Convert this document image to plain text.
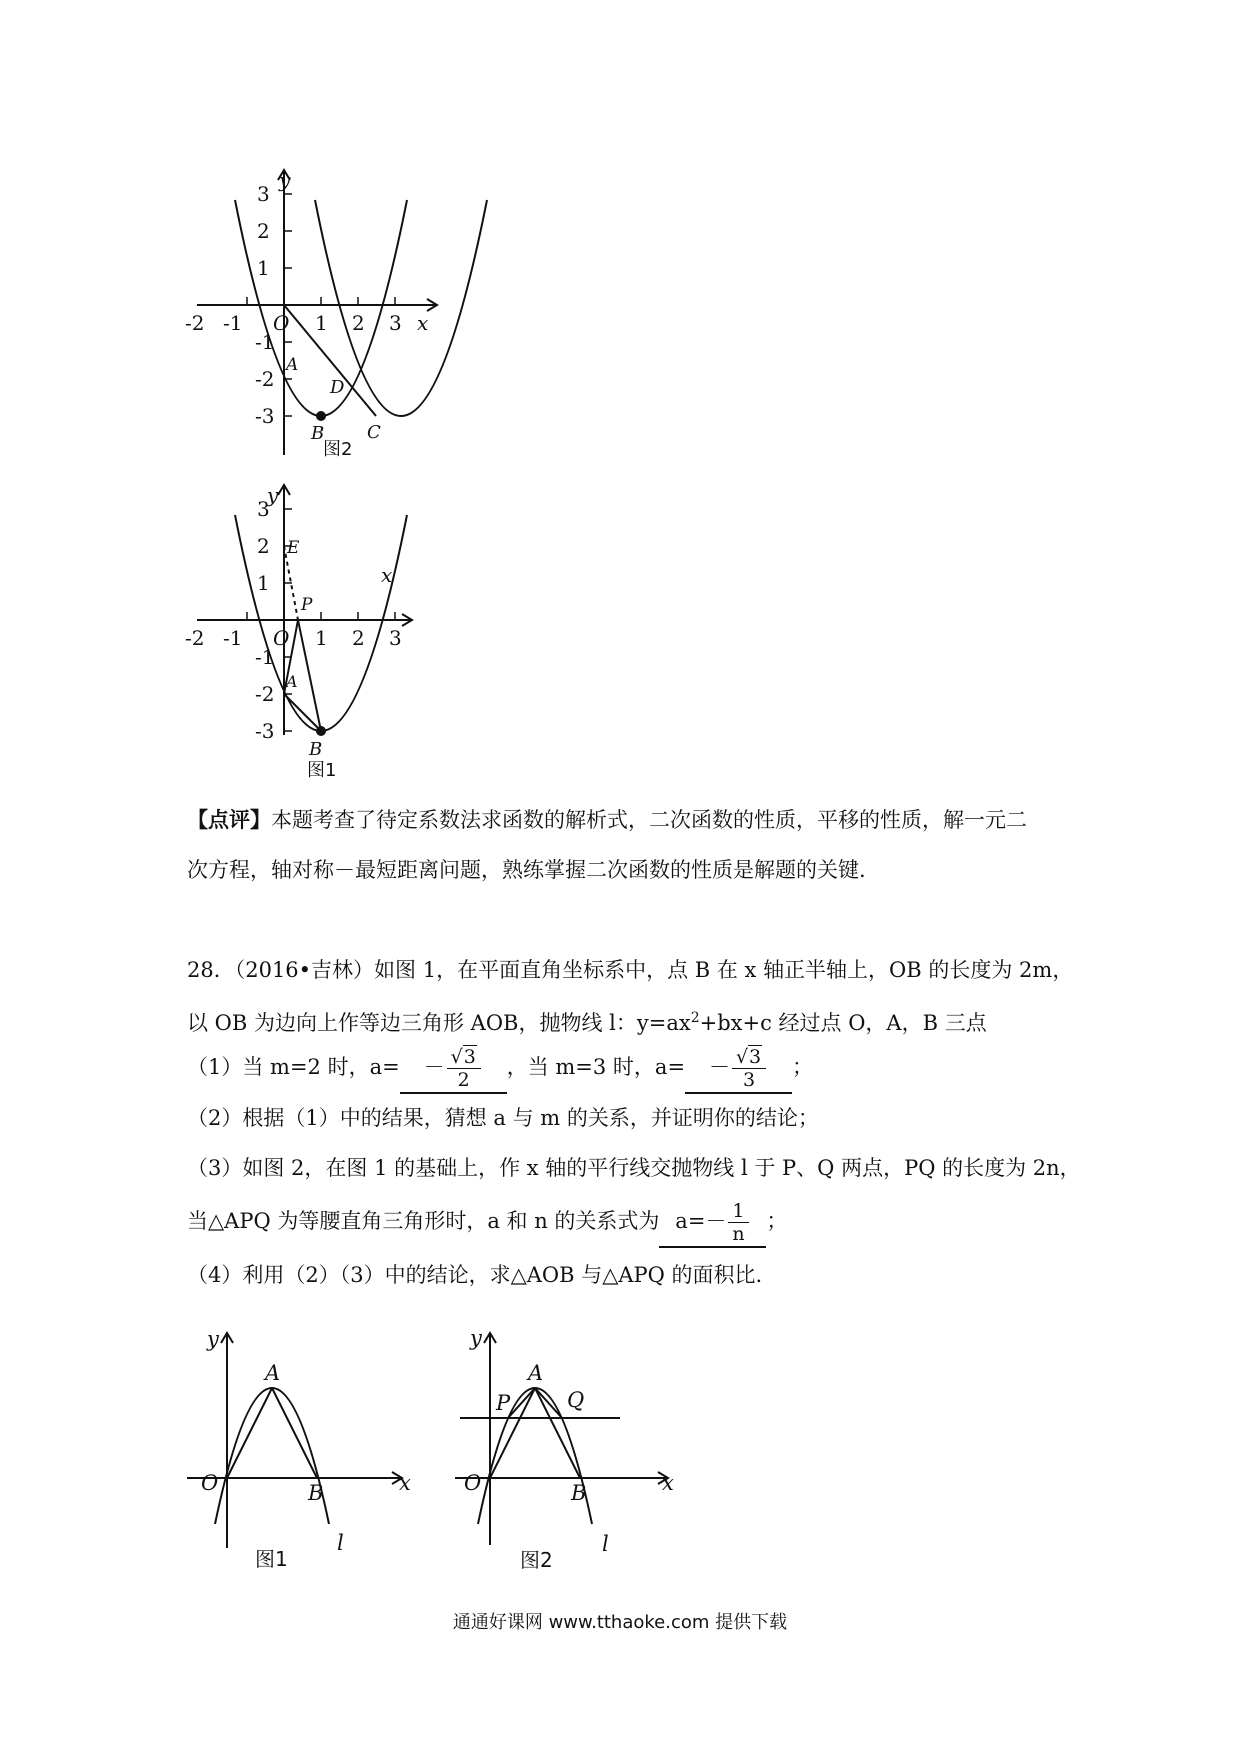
y
x
O
3
2
1
-1
-2
-3
-2 -1	1 2 3
A
B C
D
图2
y
x
O
3
2
1
-1
-2
-3
-2 -1	1 2 3
E
P
A
B
图1
【点评】本题考查了待定系数法求函数的解析式，二次函数的性质，平移的性质，解一元二
次方程，轴对称－最短距离问题，熟练掌握二次函数的性质是解题的关键.
28．（2016•吉林）如图 1，在平面直角坐标系中，点 B 在 x 轴正半轴上，OB 的长度为 2m，
以 OB 为边向上作等边三角形 AOB，抛物线 l：$y=ax^2+bx+c$ 经过点 O，A，B 三点
（1）当 m=2 时，$a= - \frac{√3}{2}$ ，当 m=3 时，$a= - \frac{√3}{3}$ ；
（2）根据（1）中的结果，猜想 a 与 m 的关系，并证明你的结论；
（3）如图 2，在图 1 的基础上，作 x 轴的平行线交抛物线 l 于 P、Q 两点，PQ 的长度为 2n，
当△APQ 为等腰直角三角形时，a 和 n 的关系式为 $a=- \frac{1}{n}$ ；
（4）利用（2）（3）中的结论，求△AOB 与△APQ 的面积比.
y
x
O
A
B
l
图1
y
x
O
A
P	Q
B
l
图2
通通好课网 www.tthaoke.com 提供下载
